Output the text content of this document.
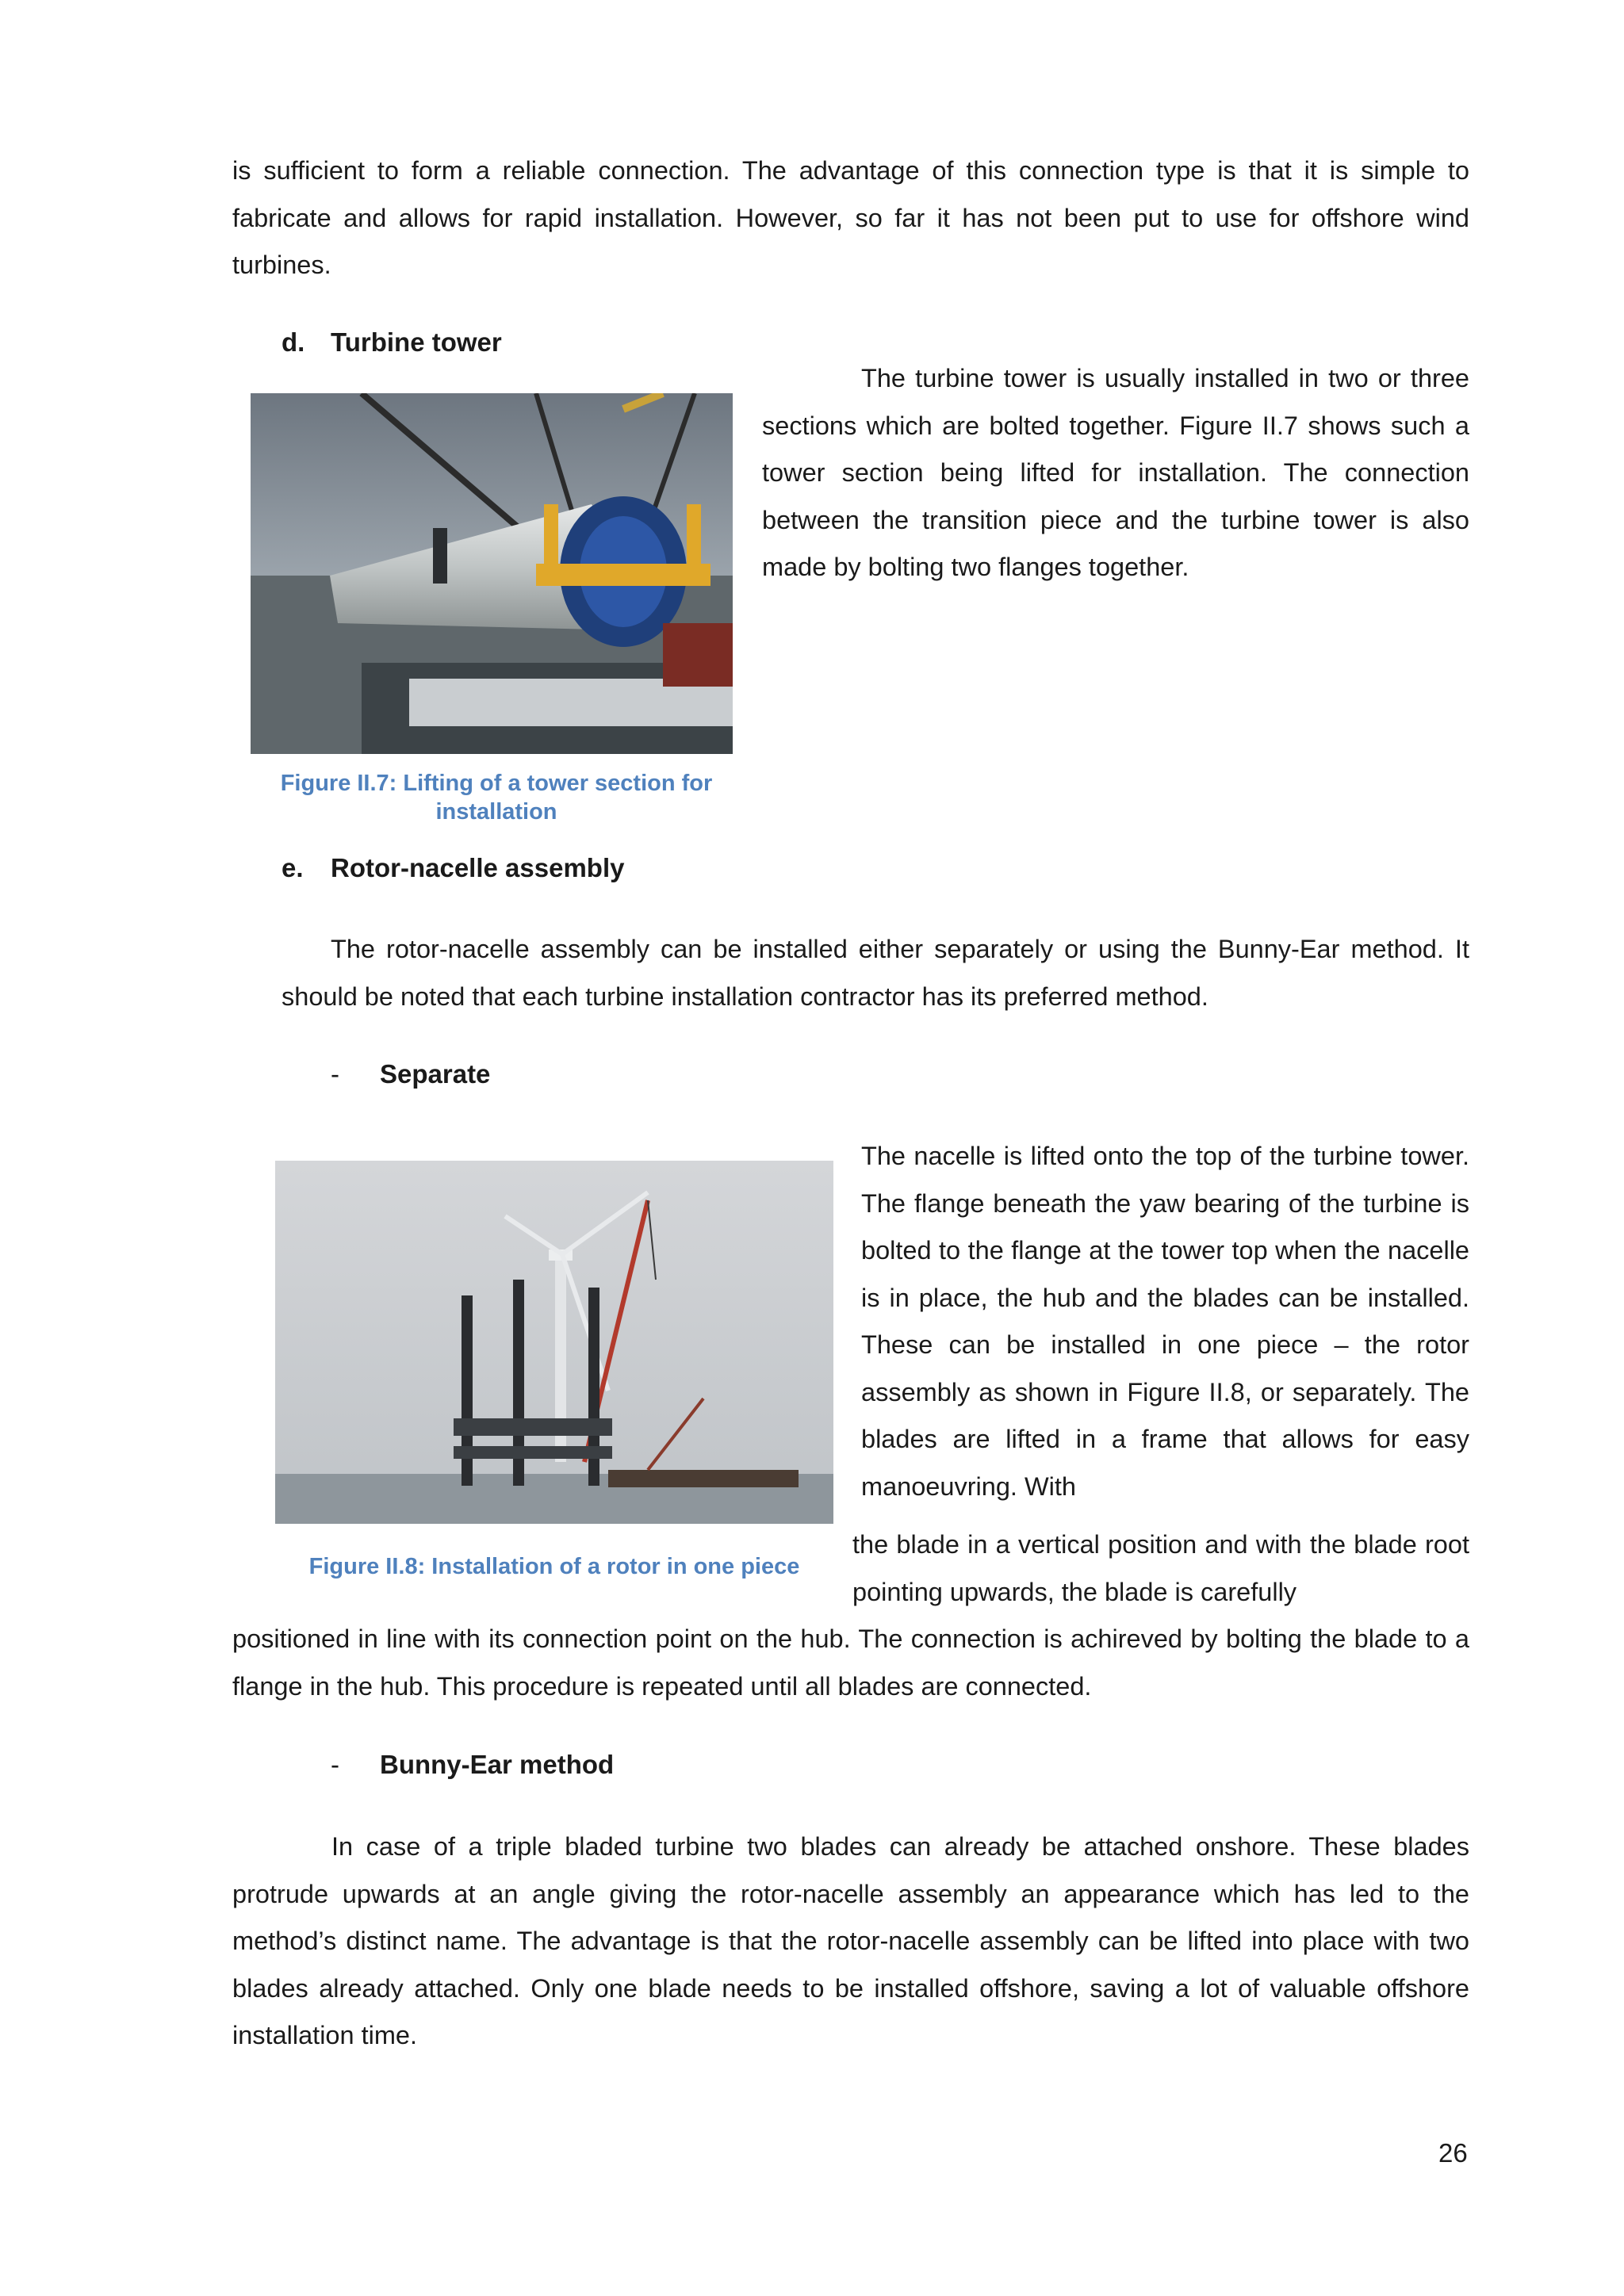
is sufficient to form a reliable connection. The advantage of this connection type is that it is simple to fabricate and allows for rapid installation. However, so far it has not been put to use for offshore wind turbines.

d. Turbine tower

Figure II.7: Lifting of a tower section for installation

The turbine tower is usually installed in two or three sections which are bolted together. Figure II.7 shows such a tower section being lifted for installation. The connection between the transition piece and the turbine tower is also made by bolting two flanges together.

e. Rotor-nacelle assembly

The rotor-nacelle assembly can be installed either separately or using the Bunny-Ear method. It should be noted that each turbine installation contractor has its preferred method.

- Separate

Figure II.8: Installation of a rotor in one piece

The nacelle is lifted onto the top of the turbine tower. The flange beneath the yaw bearing of the turbine is bolted to the flange at the tower top when the nacelle is in place, the hub and the blades can be installed. These can be installed in one piece – the rotor assembly as shown in Figure II.8, or separately. The blades are lifted in a frame that allows for easy manoeuvring. With

the blade in a vertical position and with the blade root pointing upwards, the blade is carefully

positioned in line with its connection point on the hub. The connection is achireved by bolting the blade to a flange in the hub. This procedure is repeated until all blades are connected.

- Bunny-Ear method

In case of a triple bladed turbine two blades can already be attached onshore. These blades protrude upwards at an angle giving the rotor-nacelle assembly an appearance which has led to the method’s distinct name. The advantage is that the rotor-nacelle assembly can be lifted into place with two blades already attached. Only one blade needs to be installed offshore, saving a lot of valuable offshore installation time.

26
